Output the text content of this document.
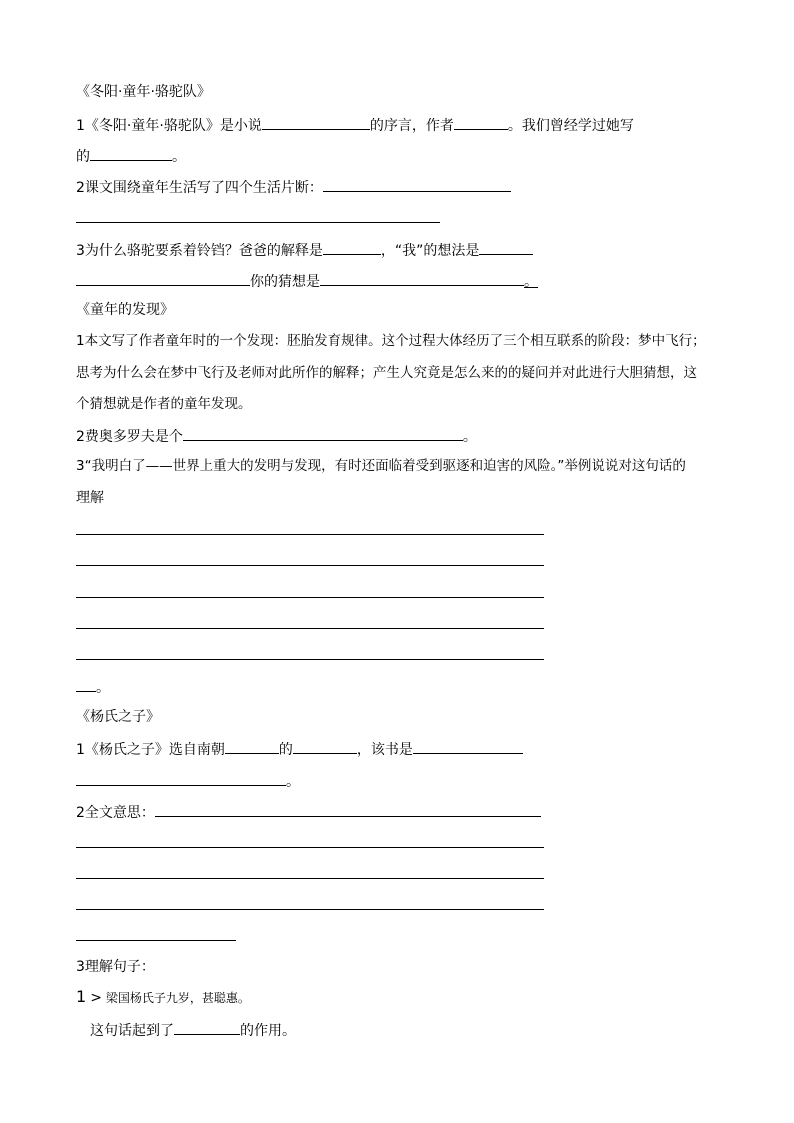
《冬阳·童年·骆驼队》
1《冬阳·童年·骆驼队》是小说	的序言，作者	。我们曾经学过她写
的	。
2课文围绕童年生活写了四个生活片断：
3为什么骆驼要系着铃铛？爸爸的解释是	，“我”的想法是
你的猜想是	。
《童年的发现》
1本文写了作者童年时的一个发现：胚胎发育规律。这个过程大体经历了三个相互联系的阶段：梦中飞行；
思考为什么会在梦中飞行及老师对此所作的解释；产生人究竟是怎么来的的疑问并对此进行大胆猜想，这
个猜想就是作者的童年发现。
2费奥多罗夫是个	。
3“我明白了——世界上重大的发明与发现，有时还面临着受到驱逐和迫害的风险。”举例说说对这句话的
理解
。
《杨氏之子》
1《杨氏之子》选自南朝	的	，该书是
。
2全文意思：
3理解句子：
1 > 梁国杨氏子九岁，甚聪惠。
这句话起到了	的作用。
